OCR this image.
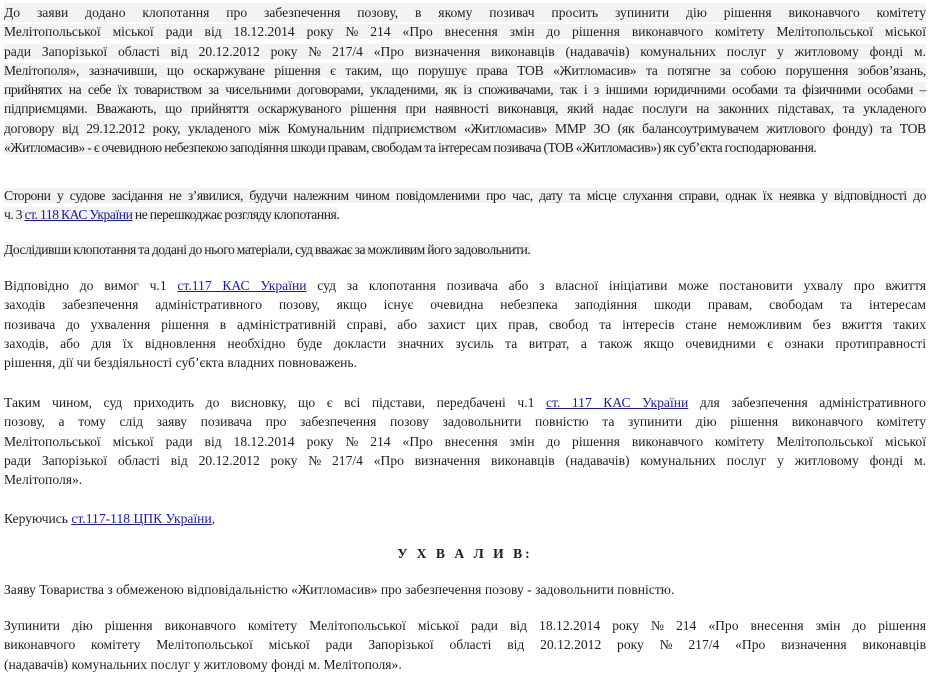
До заяви додано клопотання про забезпечення позову, в якому позивач просить зупинити дію рішення виконавчого комітету
Мелітопольської міської ради від 18.12.2014 року № 214 «Про внесення змін до рішення виконавчого комітету Мелітопольської міської
ради Запорізької області від 20.12.2012 року № 217/4 «Про визначення виконавців (надавачів) комунальних послуг у житловому фонді м.
Мелітополя», зазначивши, що оскаржуване рішення є таким, що порушує права ТОВ «Житломасив» та потягне за собою порушення зобов’язань,
прийнятих на себе їх товариством за чисельними договорами, укладеними, як із споживачами, так і з іншими юридичними особами та фізичними особами –
підприємцями. Вважають, що прийняття оскаржуваного рішення при наявності виконавця, який надає послуги на законних підставах, та укладеного
договору від 29.12.2012 року, укладеного між Комунальним підприємством «Житломасив» ММР ЗО (як балансоутримувачем житлового фонду) та ТОВ
«Житломасив» - є очевидною небезпекою заподіяння шкоди правам, свободам та інтересам позивача (ТОВ «Житломасив») як суб’єкта господарювання.
Сторони у судове засідання не з’явилися, будучи належним чином повідомленими про час, дату та місце слухання справи, однак їх неявка у відповідності до
ч. 3 ст. 118 КАС України не перешкоджає розгляду клопотання.
Дослідивши клопотання та додані до нього матеріали, суд вважає за можливим його задовольнити.
Відповідно до вимог ч.1 ст.117 КАС України суд за клопотання позивача або з власної ініціативи може постановити ухвалу про вжиття
заходів забезпечення адміністративного позову, якщо існує очевидна небезпека заподіяння шкоди правам, свободам та інтересам
позивача до ухвалення рішення в адміністративній справі, або захист цих прав, свобод та інтересів стане неможливим без вжиття таких
заходів, або для їх відновлення необхідно буде докласти значних зусиль та витрат, а також якщо очевидними є ознаки протиправності
рішення, дії чи бездіяльності суб’єкта владних повноважень.
Таким чином, суд приходить до висновку, що є всі підстави, передбачені ч.1 ст. 117 КАС України для забезпечення адміністративного
позову, а тому слід заяву позивача про забезпечення позову задовольнити повністю та зупинити дію рішення виконавчого комітету
Мелітопольської міської ради від 18.12.2014 року № 214 «Про внесення змін до рішення виконавчого комітету Мелітопольської міської
ради Запорізької області від 20.12.2012 року № 217/4 «Про визначення виконавців (надавачів) комунальних послуг у житловому фонді м.
Мелітополя».
Керуючись ст.117-118 ЦПК України,
У Х В А Л И В:
Заяву Товариства з обмеженою відповідальністю «Житломасив» про забезпечення позову - задовольнити повністю.
Зупинити дію рішення виконавчого комітету Мелітопольської міської ради від 18.12.2014 року № 214 «Про внесення змін до рішення
виконавчого комітету Мелітопольської міської ради Запорізької області від 20.12.2012 року № 217/4 «Про визначення виконавців
(надавачів) комунальних послуг у житловому фонді м. Мелітополя».
